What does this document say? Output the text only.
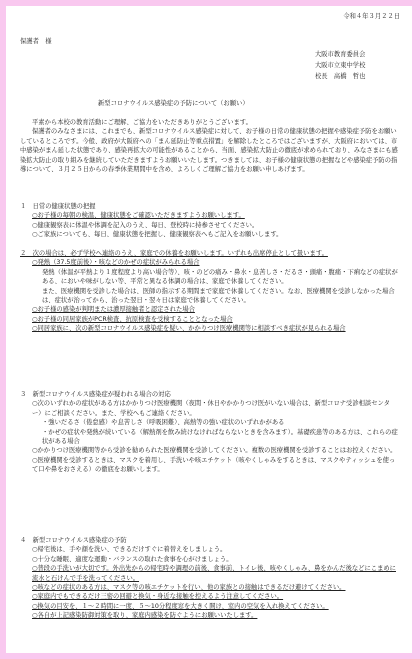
令和４年３月２２日
保護者　様
大阪市教育委員会
大阪市立東中学校
校長　高橋　哲也
新型コロナウイルス感染症の予防について（お願い）
平素から本校の教育活動にご理解、ご協力をいただきありがとうございます。
保護者のみなさまには、これまでも、新型コロナウイルス感染症に対して、お子様の日常の健康状態の把握や感染症予防をお願いしているところです。今般、政府が大阪府への「まん延防止等重点措置」を解除したところではございますが、大阪府においては、市中感染がまん延した状態であり、感染再拡大の可能性があることから、当面、感染拡大防止の徹底が求められており、みなさまにも感染拡大防止の取り組みを継続していただきますようお願いいたします。つきましては、お子様の健康状態の把握などや感染症予防の指導について、３月２５日からの春季休業期間中を含め、よろしくご理解ご協力をお願い申しあげます。
１　日常の健康状態の把握
○お子様の毎朝の検温、健康状態をご確認いただきますようお願いします。
○健康観察表に体温や体調を記入のうえ、毎日、登校時に持参させてください。
○ご家族についても、毎日、健康状態を把握し、健康観察表へもご記入をお願いします。
２　次の場合は、必ず学校へ連絡のうえ、家庭での休養をお願いします。いずれも出席停止として扱います。
○発熱（37.5度前後）・咳などのかぜの症状がみられる場合
発熱（体温が平熱より１度程度より高い場合等）、咳・のどの痛み・鼻水・息苦しさ・だるさ・頭痛・腹痛・下痢などの症状がある、においや味がしない等、平常と異なる体調の場合は、家庭で休養してください。
また、医療機関を受診した場合は、医師の指示する期間まで家庭で休養してください。なお、医療機関を受診しなかった場合は、症状が治ってから、治った翌日・翌々日は家庭で休養してください。
○お子様の感染が判明または濃厚接触者と認定された場合
○お子様の同居家族がPCR検査、抗原検査を受検することとなった場合
○同居家族に、次の新型コロナウイルス感染症を疑い、かかりつけ医療機関等に相談すべき症状が見られる場合
３　新型コロナウイルス感染症が疑われる場合の対応
○次のいずれかの症状がある方はかかりつけ医療機関（夜間・休日やかかりつけ医がいない場合は、新型コロナ受診相談センター）にご相談ください。また、学校へもご連絡ください。
・強いだるさ（倦怠感）や息苦しさ（呼吸困難）、高熱等の強い症状のいずれかがある
・かぜの症状や発熱が続いている（解熱剤を飲み続けなければならないときを含みます）。基礎疾患等のある方は、これらの症状がある場合
○かかりつけ医療機関等から受診を勧められた医療機関を受診してください。複数の医療機関を受診することはお控えください。
○医療機関を受診するときは、マスクを着用し、手洗いや咳エチケット（咳やくしゃみをするときは、マスクやティッシュを使って口や鼻をおさえる）の徹底をお願いします。
４　新型コロナウイルス感染症の予防
○帰宅後は、手や顔を洗い、できるだけすぐに着替えをしましょう。
○十分な睡眠、適度な運動・バランスの取れた食事を心がけましょう。
○普段の手洗いが大切です。外出先からの帰宅時や調理の前後、食事前、トイレ後、咳やくしゃみ、鼻をかんだ後などにこまめに流水と石けんで手を洗ってください。
○咳などの症状のある方は、マスク等の咳エチケットを行い、他の家族との接触はできるだけ避けてください。
○家庭内でもできるだけ三密の回避と換気・身近な接触を控えるよう注意してください。
○換気の目安を、１～２時間に一度、５～10分程度窓を大きく開け、室内の空気を入れ換えてください。
○各自が上記感染防御対策を取り、家庭内感染を防ぐようにお願いいたします。
